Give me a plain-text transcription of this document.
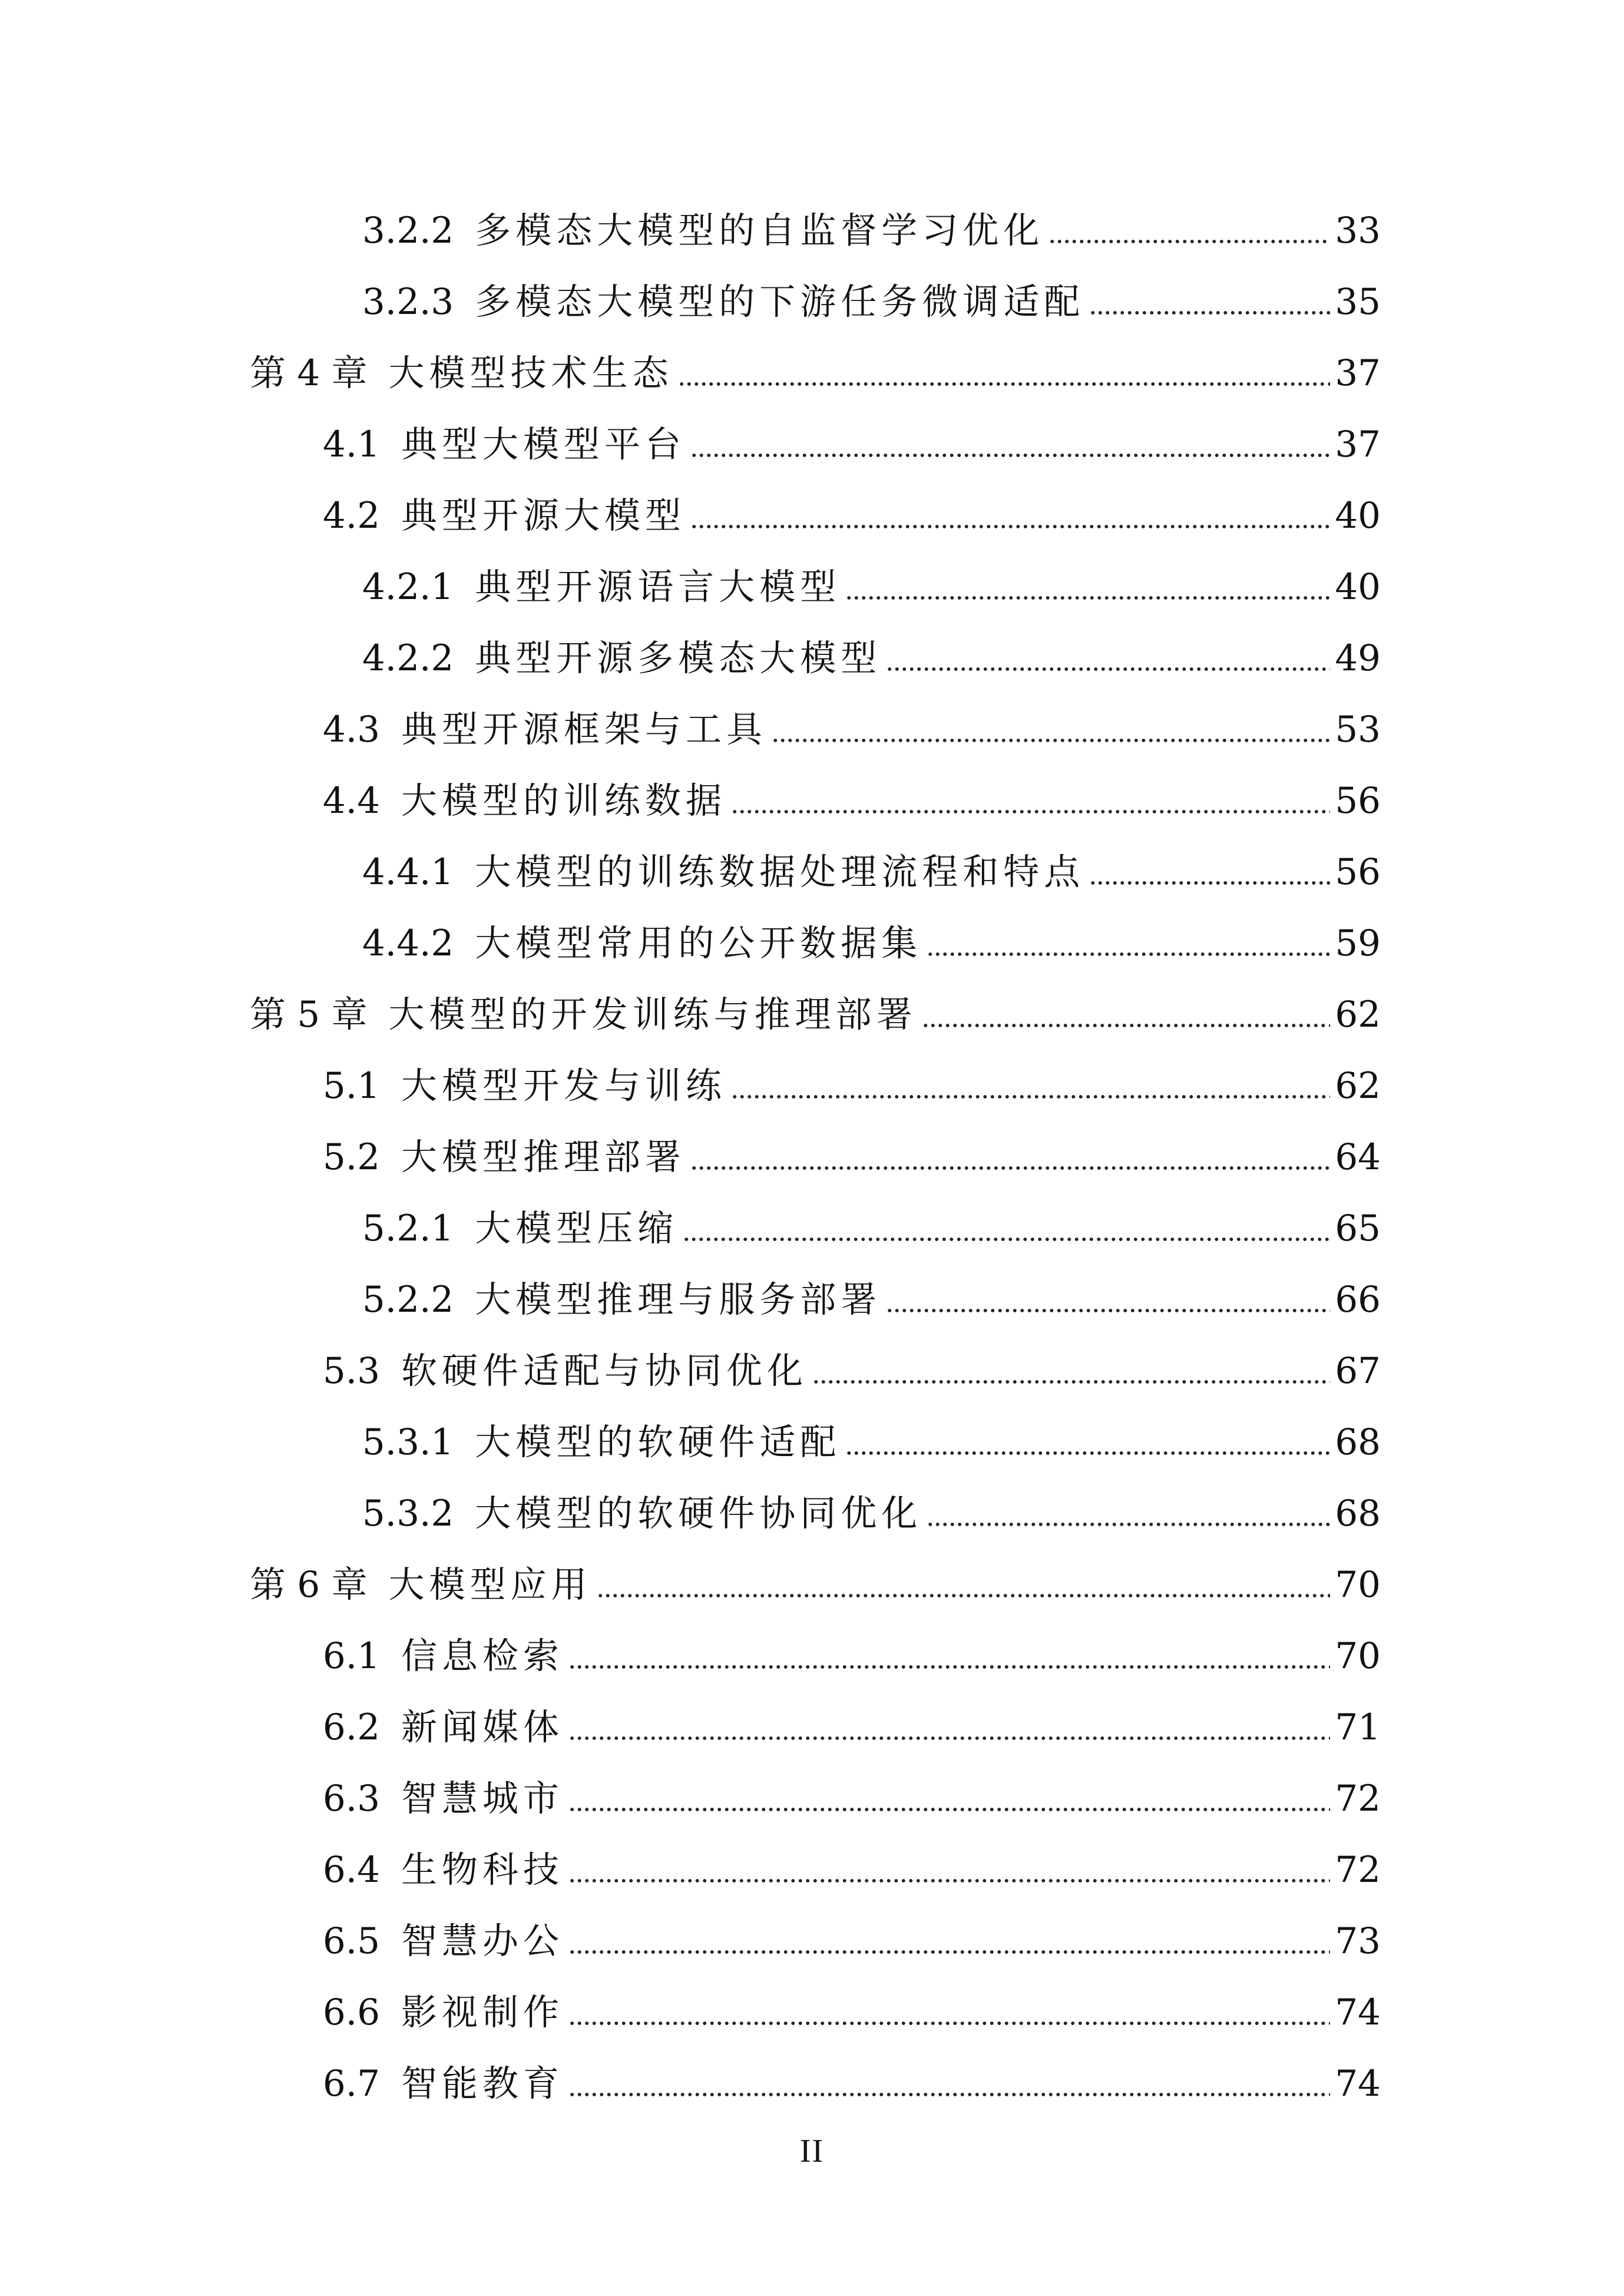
3.2.2 多模态大模型的自监督学习优化	33
3.2.3 多模态大模型的下游任务微调适配	35
第 4 章 大模型技术生态	37
4.1 典型大模型平台	37
4.2 典型开源大模型	40
4.2.1 典型开源语言大模型	40
4.2.2 典型开源多模态大模型	49
4.3 典型开源框架与工具	53
4.4 大模型的训练数据	56
4.4.1 大模型的训练数据处理流程和特点	56
4.4.2 大模型常用的公开数据集	59
第 5 章 大模型的开发训练与推理部署	62
5.1 大模型开发与训练	62
5.2 大模型推理部署	64
5.2.1 大模型压缩	65
5.2.2 大模型推理与服务部署	66
5.3 软硬件适配与协同优化	67
5.3.1 大模型的软硬件适配	68
5.3.2 大模型的软硬件协同优化	68
第 6 章 大模型应用	70
6.1 信息检索	70
6.2 新闻媒体	71
6.3 智慧城市	72
6.4 生物科技	72
6.5 智慧办公	73
6.6 影视制作	74
6.7 智能教育	74
II
